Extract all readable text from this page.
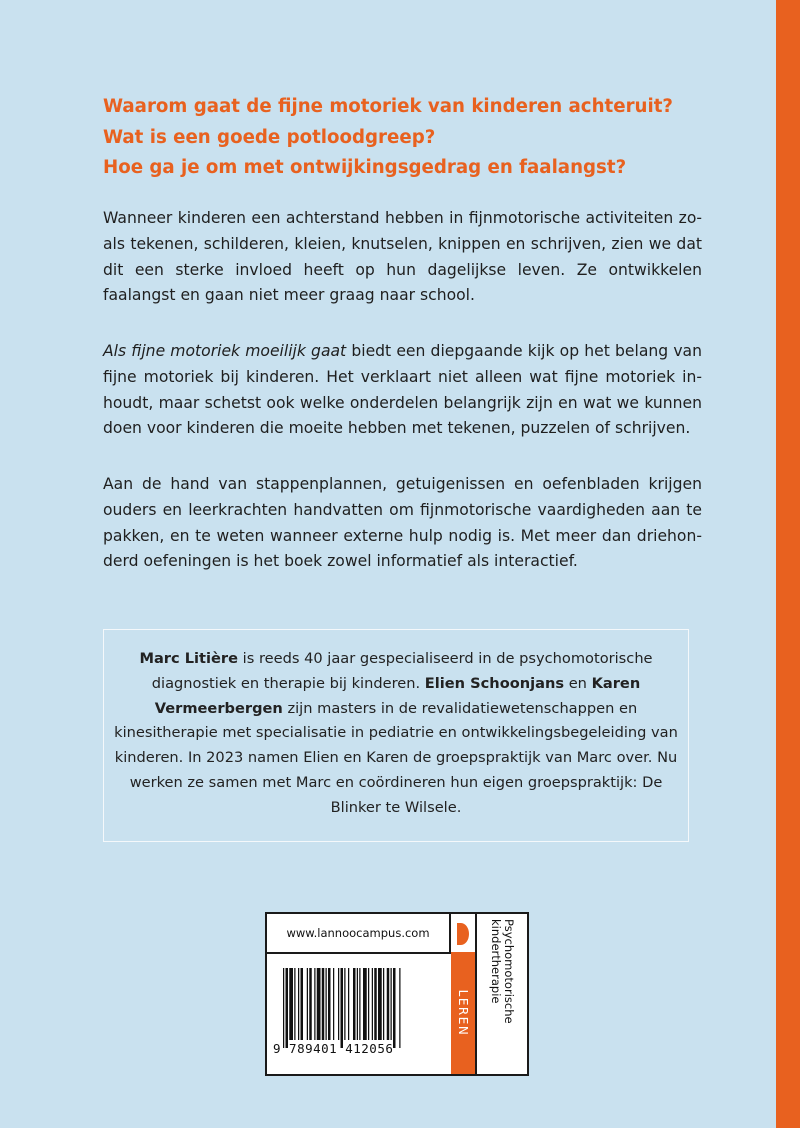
Waarom gaat de fijne motoriek van kinderen achteruit?
Wat is een goede potloodgreep?
Hoe ga je om met ontwijkingsgedrag en faalangst?

Wanneer kinderen een achterstand hebben in fijnmotorische activiteiten zoals tekenen, schilderen, kleien, knutselen, knippen en schrijven, zien we dat dit een sterke invloed heeft op hun dagelijkse leven. Ze ontwikkelen faalangst en gaan niet meer graag naar school.

Als fijne motoriek moeilijk gaat biedt een diepgaande kijk op het belang van fijne motoriek bij kinderen. Het verklaart niet alleen wat fijne motoriek inhoudt, maar schetst ook welke onderdelen belangrijk zijn en wat we kunnen doen voor kinderen die moeite hebben met tekenen, puzzelen of schrijven.

Aan de hand van stappenplannen, getuigenissen en oefenbladen krijgen ouders en leerkrachten handvatten om fijnmotorische vaardigheden aan te pakken, en te weten wanneer externe hulp nodig is. Met meer dan driehonderd oefeningen is het boek zowel informatief als interactief.

Marc Litière is reeds 40 jaar gespecialiseerd in de psychomotorische diagnostiek en therapie bij kinderen. Elien Schoonjans en Karen Vermeerbergen zijn masters in de revalidatiewetenschappen en kinesitherapie met specialisatie in pediatrie en ontwikkelingsbegeleiding van kinderen. In 2023 namen Elien en Karen de groepspraktijk van Marc over. Nu werken ze samen met Marc en coördineren hun eigen groepspraktijk: De Blinker te Wilsele.
www.lannoocampus.com
LEREN	Psychomotorische kindertherapie
9 789401 412056
